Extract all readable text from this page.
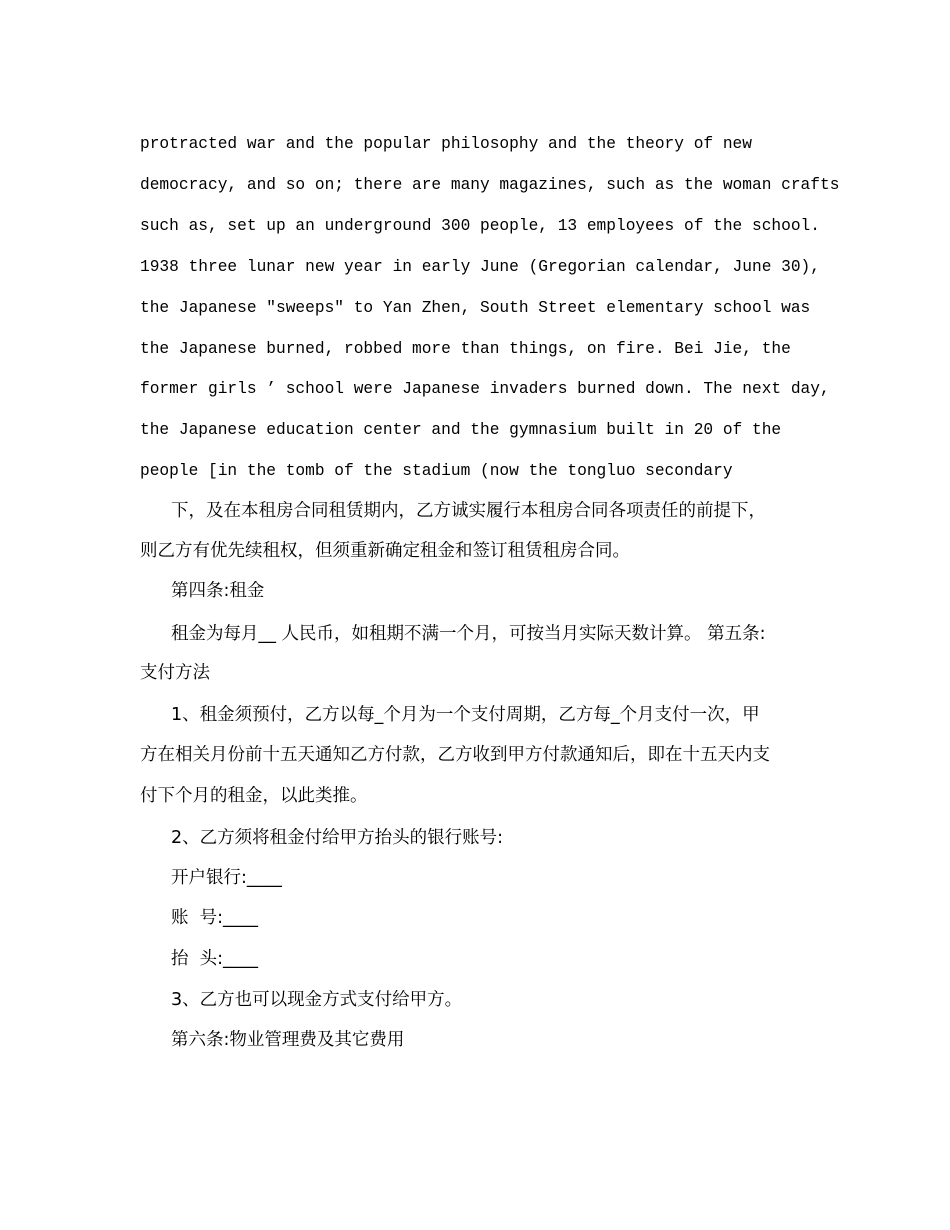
protracted war and the popular philosophy and the theory of new

democracy, and so on; there are many magazines, such as the woman crafts

such as, set up an underground 300 people, 13 employees of the school.

1938 three lunar new year in early June (Gregorian calendar, June 30),

the Japanese "sweeps" to Yan Zhen, South Street elementary school was

the Japanese burned, robbed more than things, on fire. Bei Jie, the

former girls ’ school were Japanese invaders burned down. The next day,

the Japanese education center and the gymnasium built in 20 of the

people [in the tomb of the stadium (now the tongluo secondary

下，及在本租房合同租赁期内，乙方诚实履行本租房合同各项责任的前提下，

则乙方有优先续租权，但须重新确定租金和签订租赁租房合同。

第四条:租金

租金为每月__ 人民币，如租期不满一个月，可按当月实际天数计算。 第五条:

支付方法

1、租金须预付，乙方以每_个月为一个支付周期，乙方每_个月支付一次，甲

方在相关月份前十五天通知乙方付款，乙方收到甲方付款通知后，即在十五天内支

付下个月的租金，以此类推。

2、乙方须将租金付给甲方抬头的银行账号:

开户银行:____

账  号:____

抬  头:____

3、乙方也可以现金方式支付给甲方。

第六条:物业管理费及其它费用
